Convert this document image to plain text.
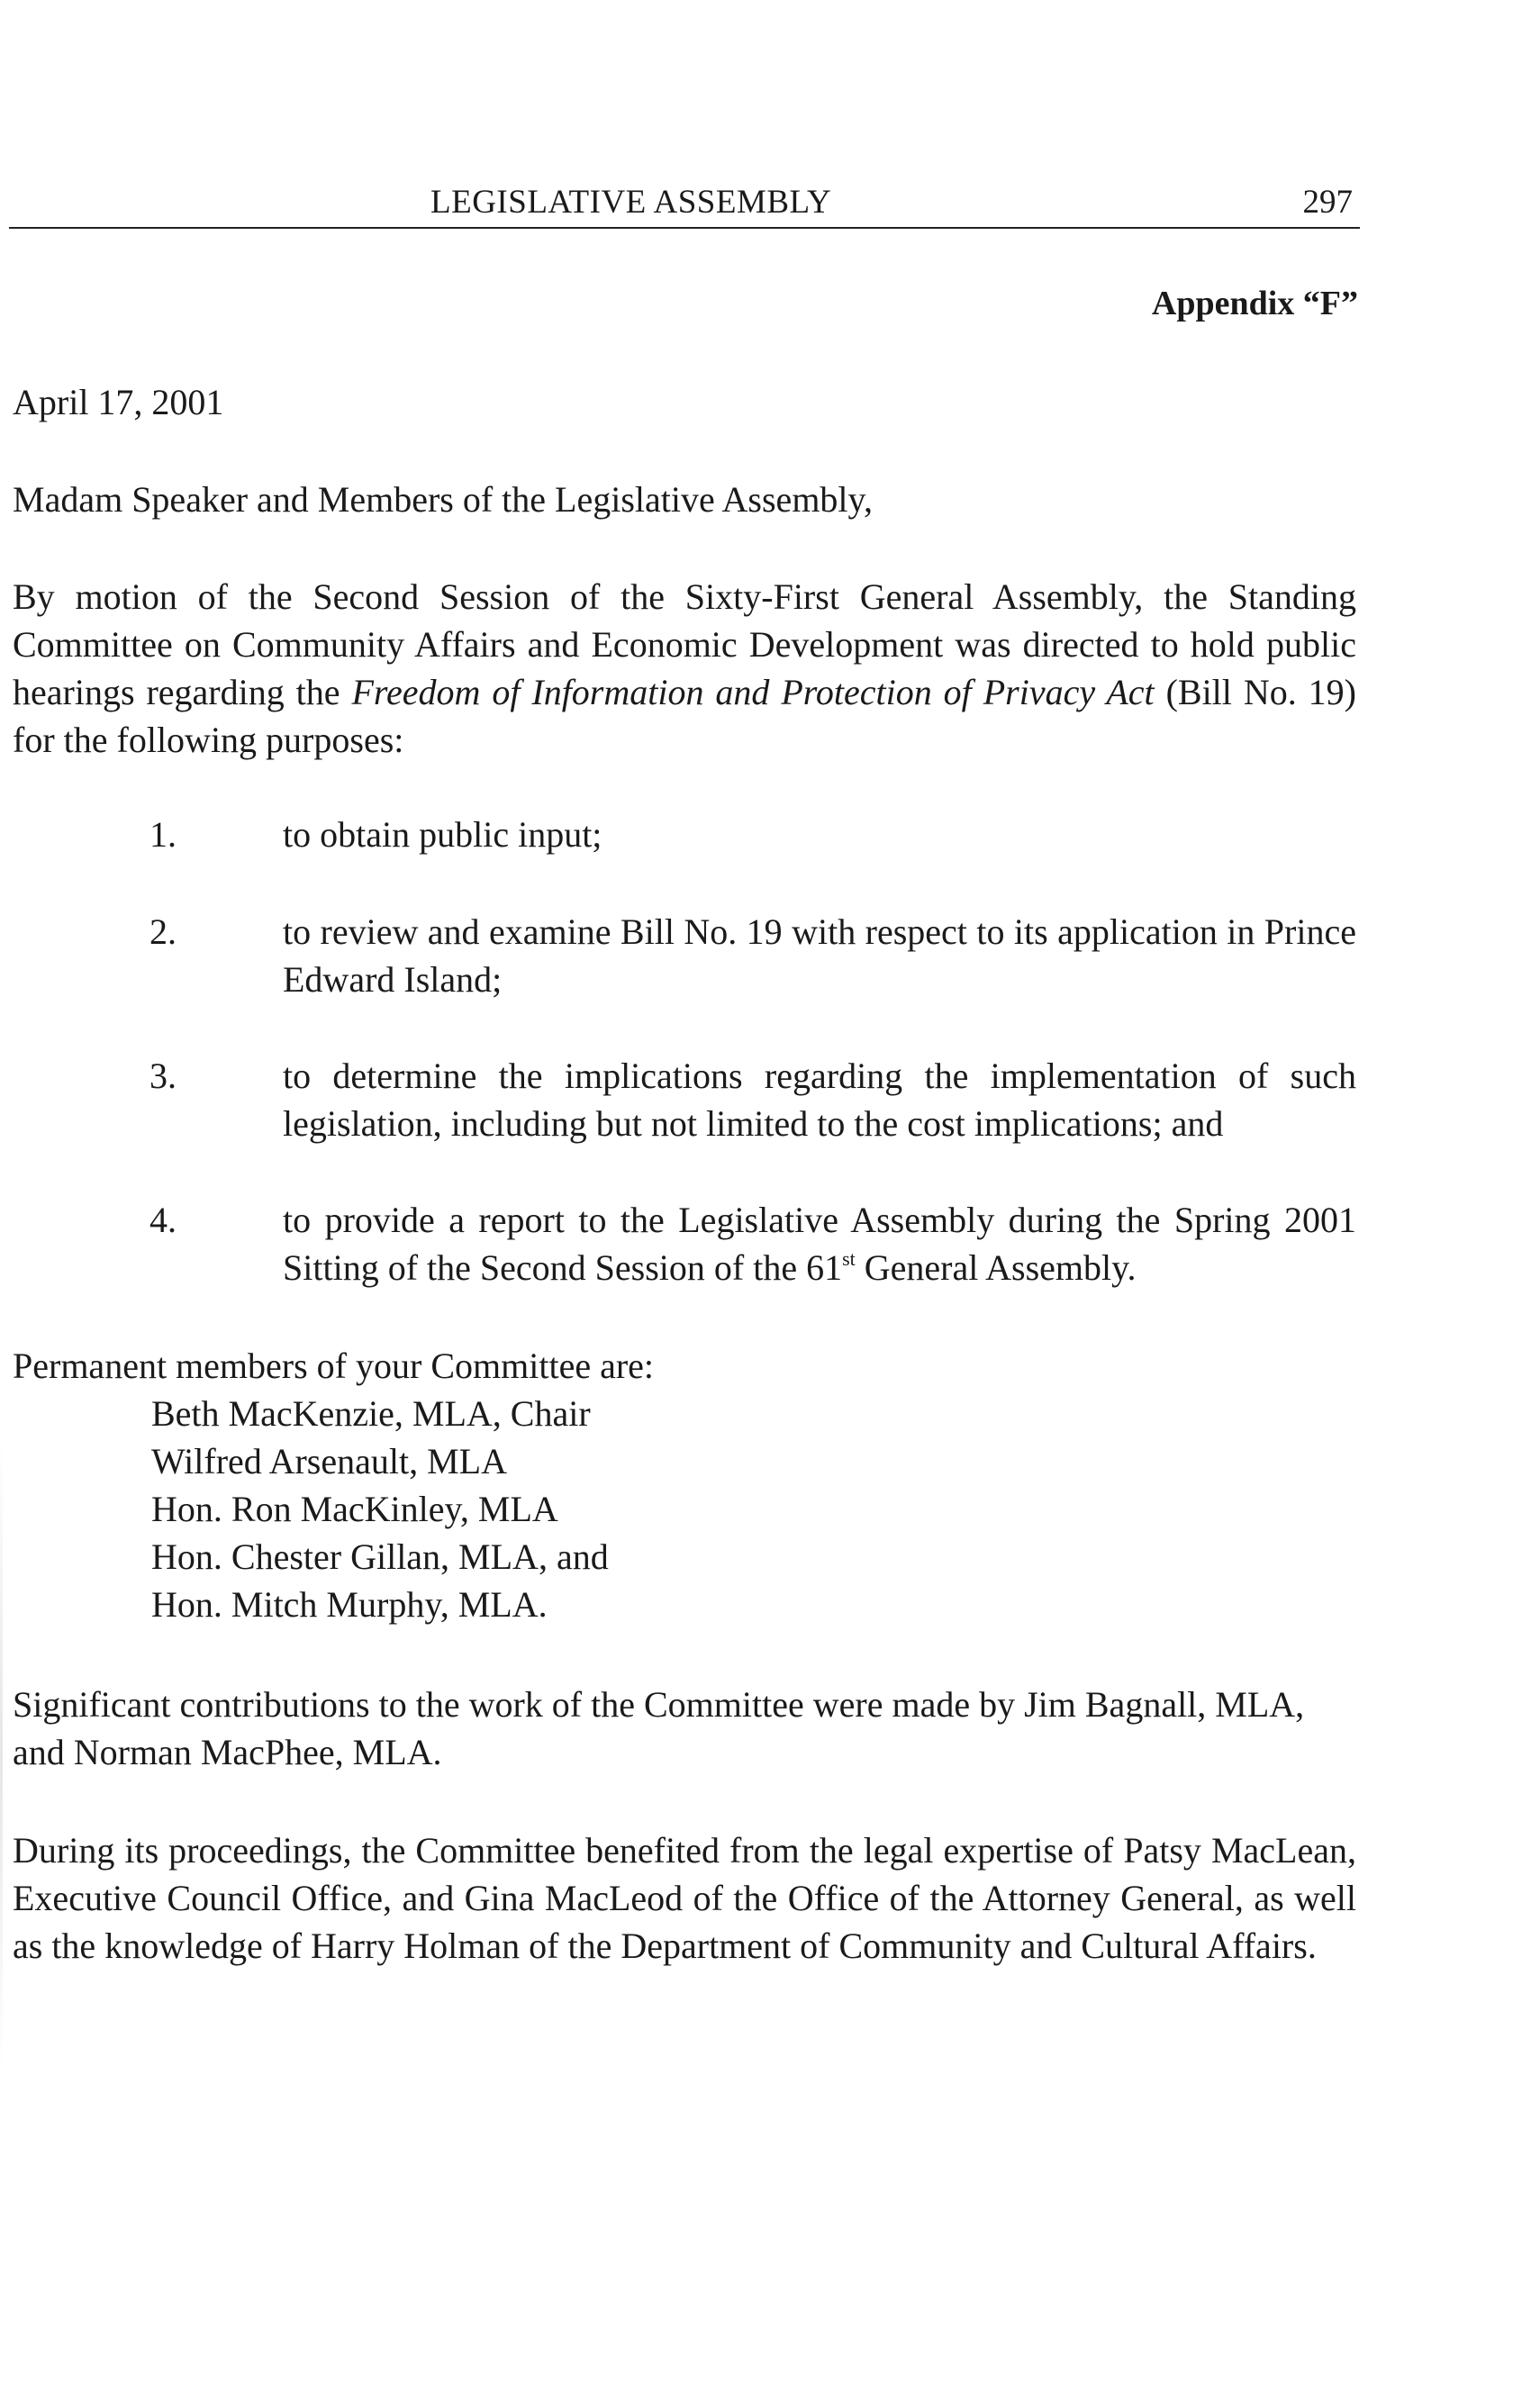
LEGISLATIVE ASSEMBLY	297
Appendix “F”
April 17, 2001
Madam Speaker and Members of the Legislative Assembly,
By motion of the Second Session of the Sixty-First General Assembly, the Standing Committee on Community Affairs and Economic Development was directed to hold public hearings regarding the Freedom of Information and Protection of Privacy Act (Bill No. 19) for the following purposes:
1.	to obtain public input;
2.	to review and examine Bill No. 19 with respect to its application in Prince Edward Island;
3.	to determine the implications regarding the implementation of such legislation, including but not limited to the cost implications; and
4.	to provide a report to the Legislative Assembly during the Spring 2001 Sitting of the Second Session of the 61st General Assembly.
Permanent members of your Committee are:
Beth MacKenzie, MLA, Chair
Wilfred Arsenault, MLA
Hon. Ron MacKinley, MLA
Hon. Chester Gillan, MLA, and
Hon. Mitch Murphy, MLA.
Significant contributions to the work of the Committee were made by Jim Bagnall, MLA, and Norman MacPhee, MLA.
During its proceedings, the Committee benefited from the legal expertise of Patsy MacLean, Executive Council Office, and Gina MacLeod of the Office of the Attorney General, as well as the knowledge of Harry Holman of the Department of Community and Cultural Affairs.
